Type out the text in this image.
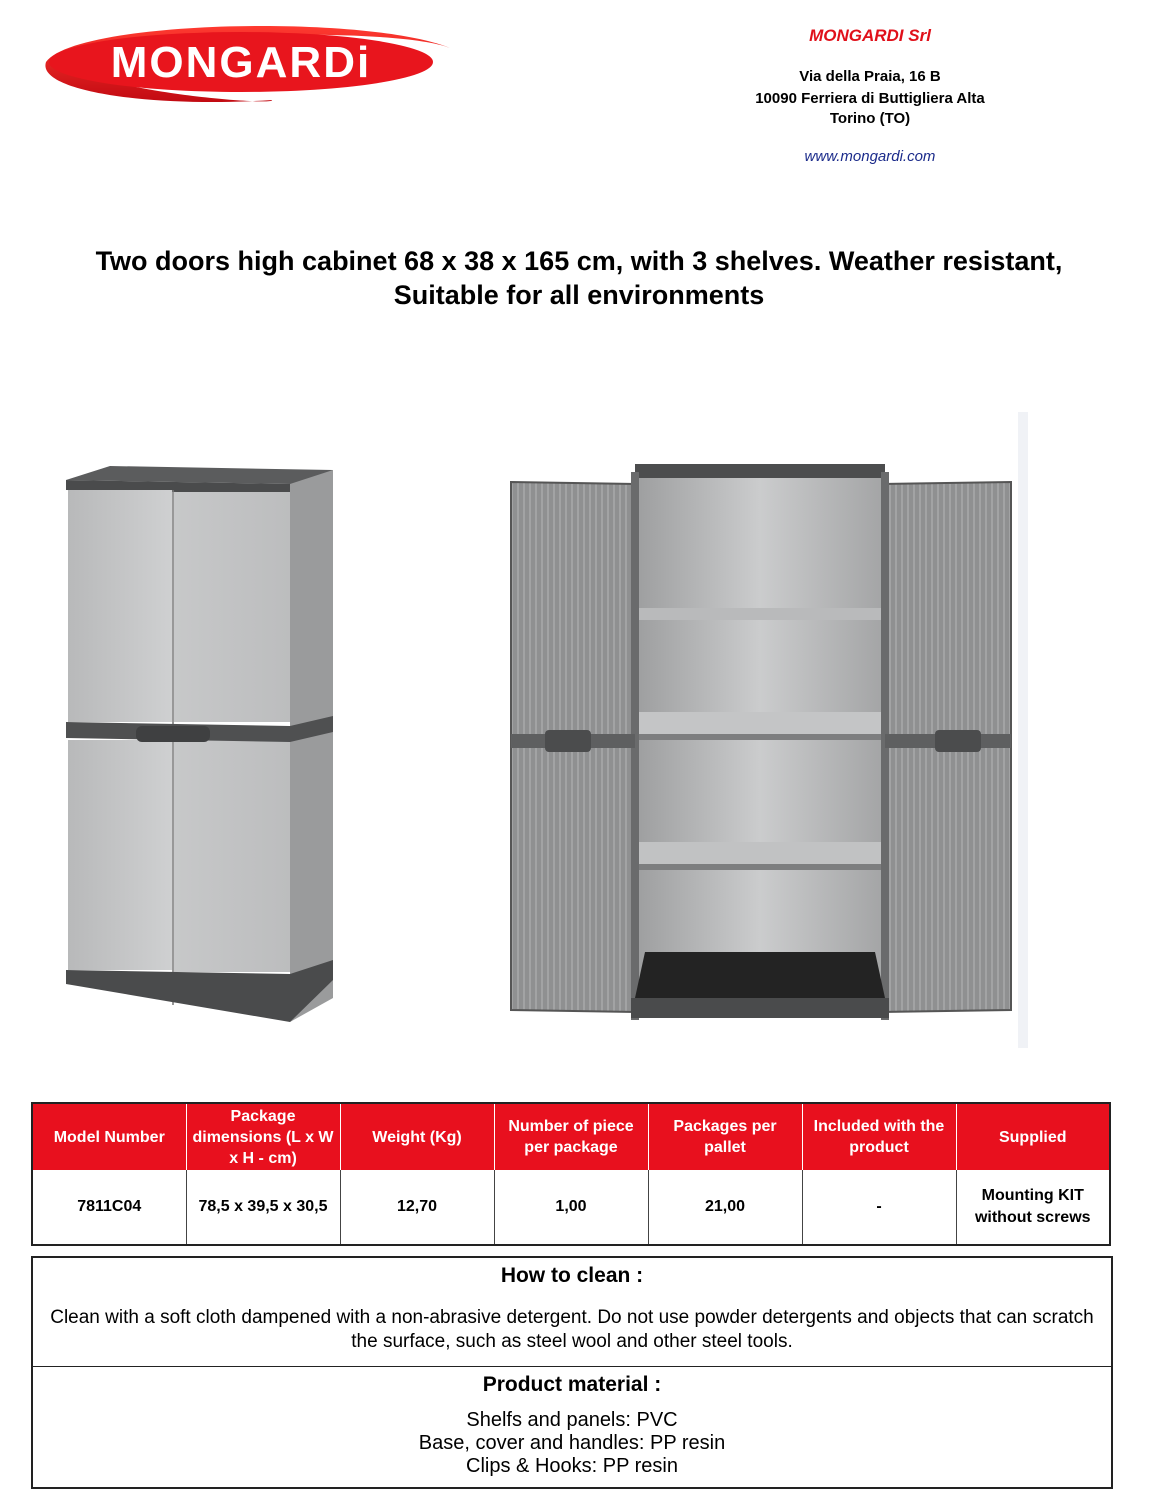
MONGARDi
MONGARDI Srl
Via della Praia, 16 B
10090 Ferriera di Buttigliera Alta
Torino (TO)
www.mongardi.com
Two doors high cabinet 68 x 38 x 165 cm, with 3 shelves. Weather resistant, Suitable for all environments
Model Number	Package dimensions (L x W x H - cm)	Weight (Kg)	Number of piece per package	Packages per pallet	Included with the product	Supplied
7811C04	78,5 x 39,5 x 30,5	12,70	1,00	21,00	-	Mounting KIT without screws
How to clean :
Clean with a soft cloth dampened with a non-abrasive detergent. Do not use powder detergents and objects that can scratch the surface, such as steel wool and other steel tools.
Product material :
Shelfs and panels: PVC
Base, cover and handles: PP resin
Clips & Hooks: PP resin
